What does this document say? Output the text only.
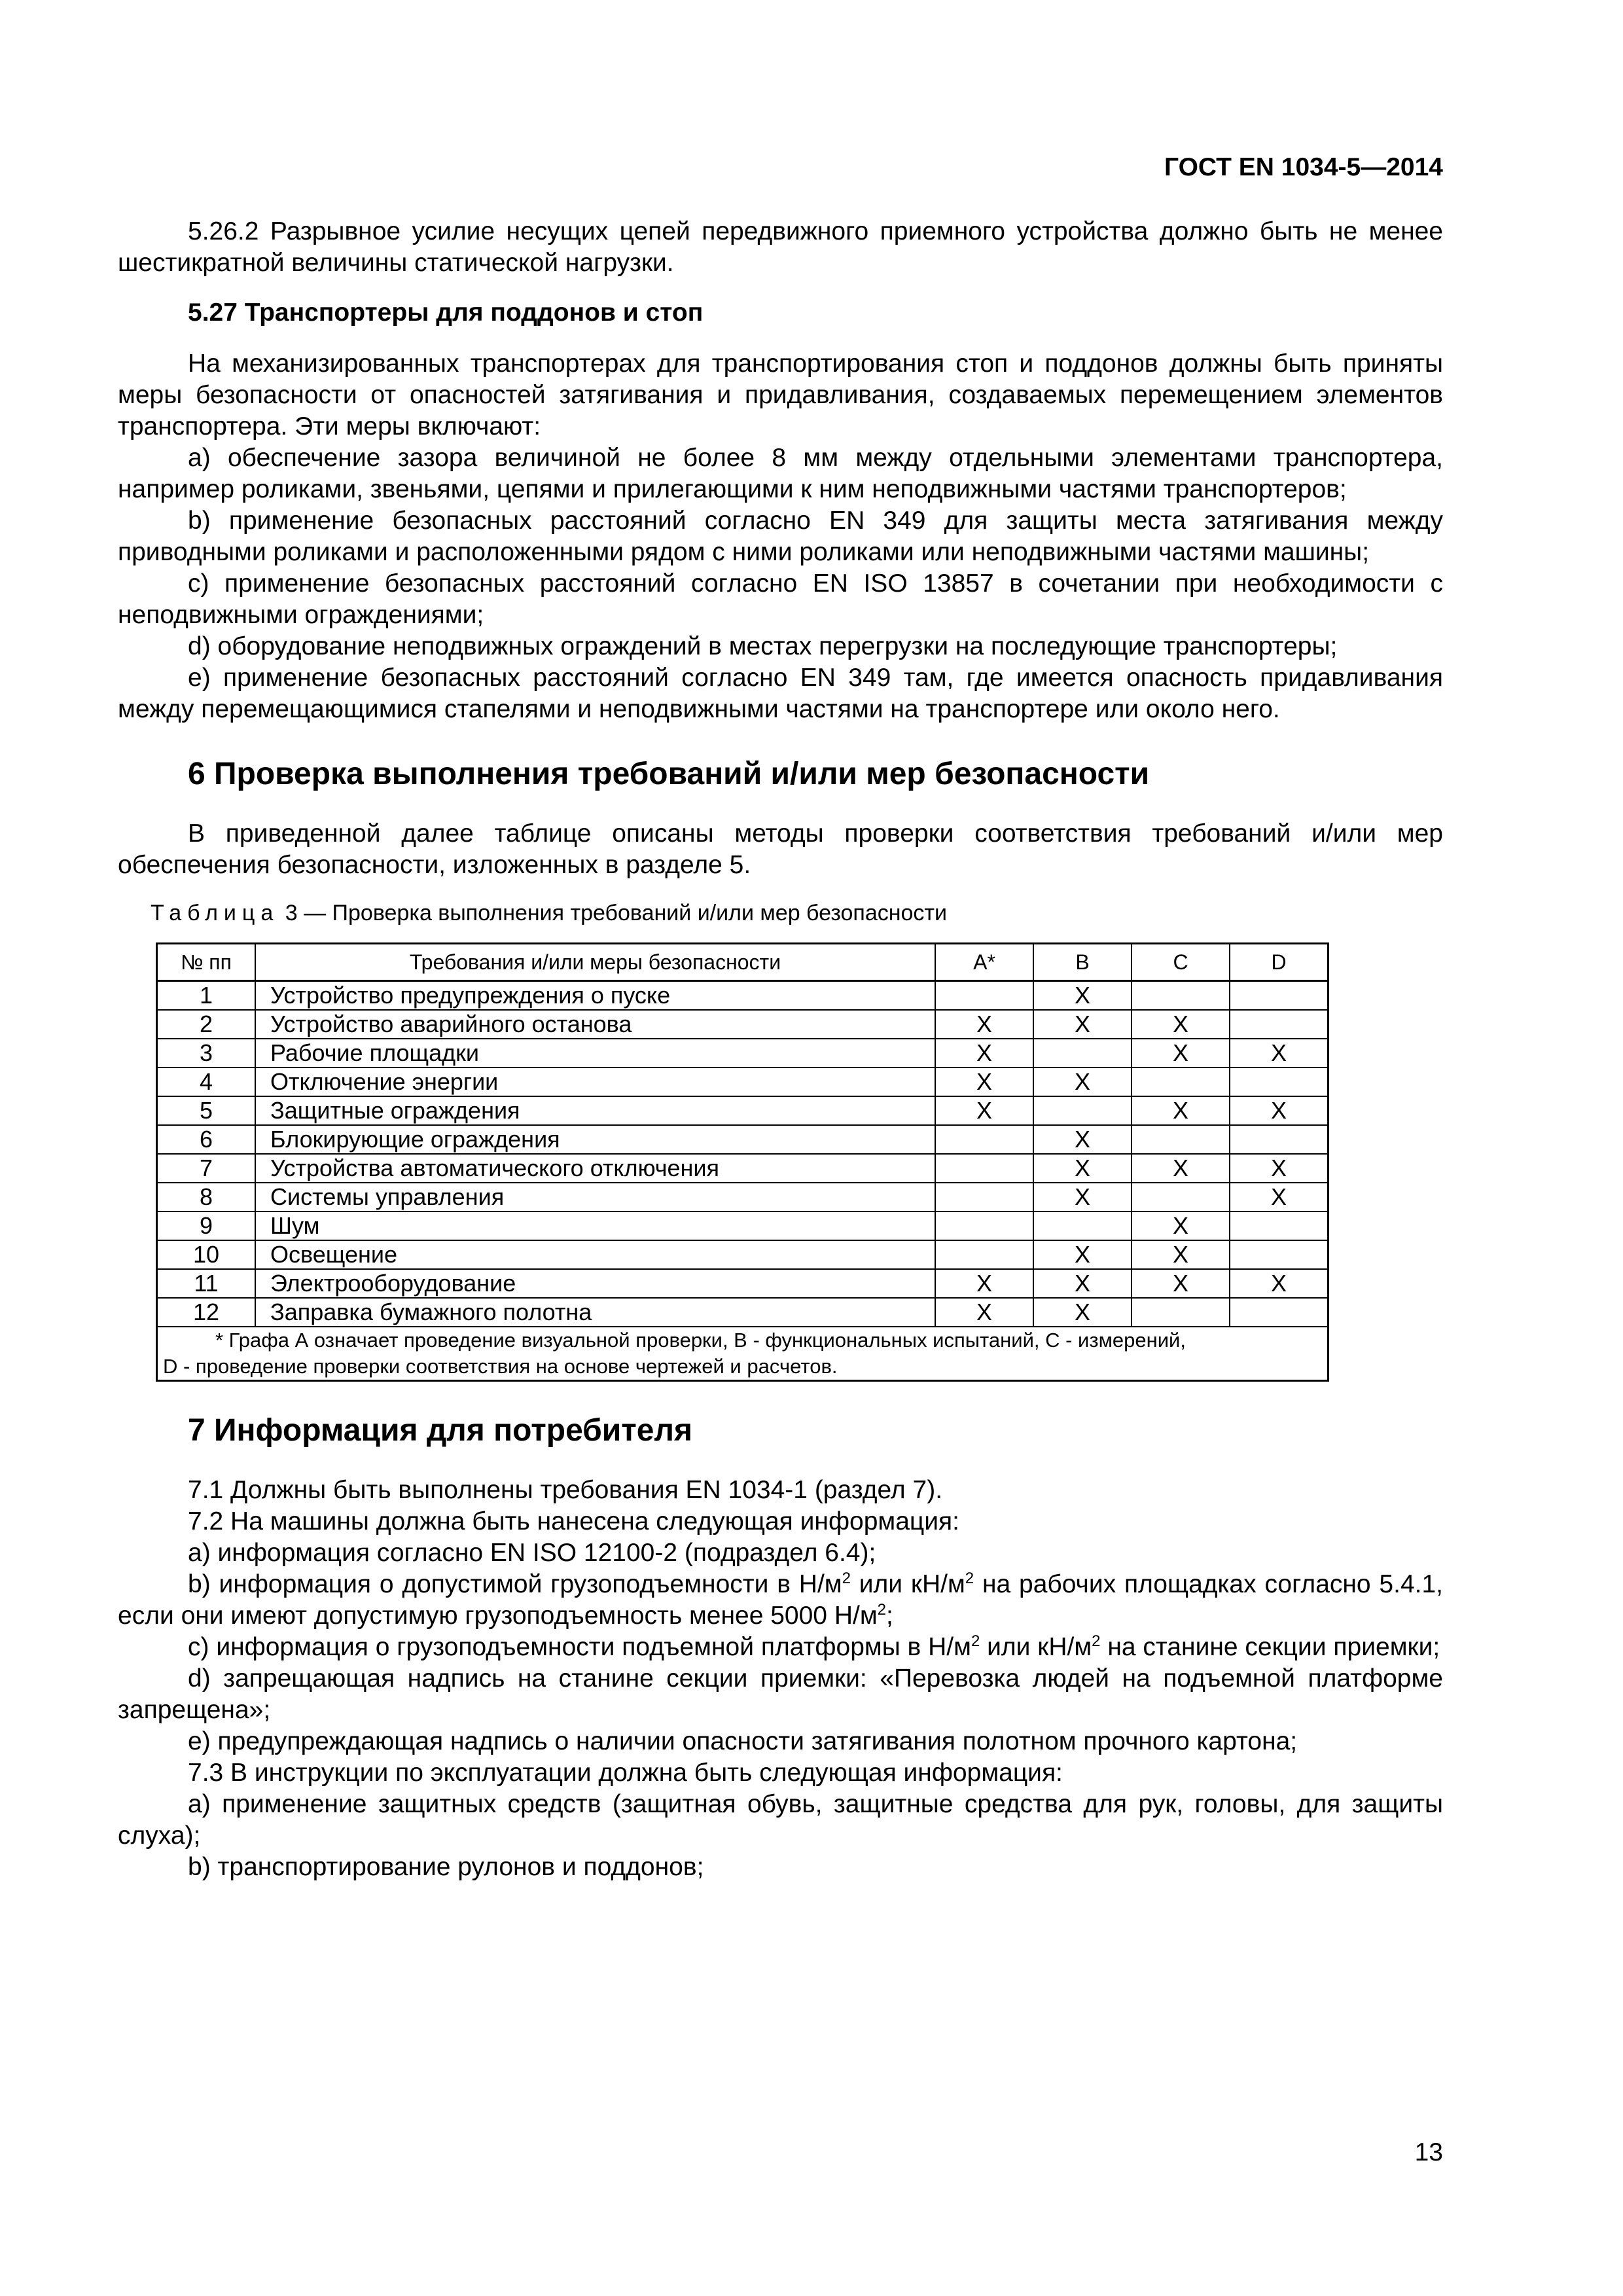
ГОСТ EN 1034-5—2014

5.26.2 Разрывное усилие несущих цепей передвижного приемного устройства должно быть не менее шестикратной величины статической нагрузки.

5.27 Транспортеры для поддонов и стоп

На механизированных транспортерах для транспортирования стоп и поддонов должны быть приняты меры безопасности от опасностей затягивания и придавливания, создаваемых перемещением элементов транспортера. Эти меры включают:

а) обеспечение зазора величиной не более 8 мм между отдельными элементами транспортера, например роликами, звеньями, цепями и прилегающими к ним неподвижными частями транспортеров;

b) применение безопасных расстояний согласно EN 349 для защиты места затягивания между приводными роликами и расположенными рядом с ними роликами или неподвижными частями машины;

c) применение безопасных расстояний согласно EN ISO 13857 в сочетании при необходимости с неподвижными ограждениями;

d) оборудование неподвижных ограждений в местах перегрузки на последующие транспортеры;

e) применение безопасных расстояний согласно EN 349 там, где имеется опасность придавливания между перемещающимися стапелями и неподвижными частями на транспортере или около него.

6 Проверка выполнения требований и/или мер безопасности

В приведенной далее таблице описаны методы проверки соответствия требований и/или мер обеспечения безопасности, изложенных в разделе 5.

Таблица 3 — Проверка выполнения требований и/или мер безопасности
№ пп	Требования и/или меры безопасности	А*	В	С	D
1	Устройство предупреждения о пуске		X		
2	Устройство аварийного останова	X	X	X	
3	Рабочие площадки	X		X	X
4	Отключение энергии	X	X		
5	Защитные ограждения	X		X	X
6	Блокирующие ограждения		X		
7	Устройства автоматического отключения		X	X	X
8	Системы управления		X		X
9	Шум			X	
10	Освещение		X	X	
11	Электрооборудование	X	X	X	X
12	Заправка бумажного полотна	X	X		

* Графа А означает проведение визуальной проверки, В - функциональных испытаний, С - измерений,
D - проведение проверки соответствия на основе чертежей и расчетов.					
7 Информация для потребителя

7.1 Должны быть выполнены требования EN 1034-1 (раздел 7).

7.2 На машины должна быть нанесена следующая информация:

а) информация согласно EN ISO 12100-2 (подраздел 6.4);

b) информация о допустимой грузоподъемности в $Н/м^2$ или $кН/м^2$ на рабочих площадках согласно 5.4.1, если они имеют допустимую грузоподъемность менее 5000 $Н/м^2$;

c) информация о грузоподъемности подъемной платформы в $Н/м^2$ или $кН/м^2$ на станине секции приемки;

d) запрещающая надпись на станине секции приемки: «Перевозка людей на подъемной платформе запрещена»;

e) предупреждающая надпись о наличии опасности затягивания полотном прочного картона;

7.3 В инструкции по эксплуатации должна быть следующая информация:

а) применение защитных средств (защитная обувь, защитные средства для рук, головы, для защиты слуха);

b) транспортирование рулонов и поддонов;

13
